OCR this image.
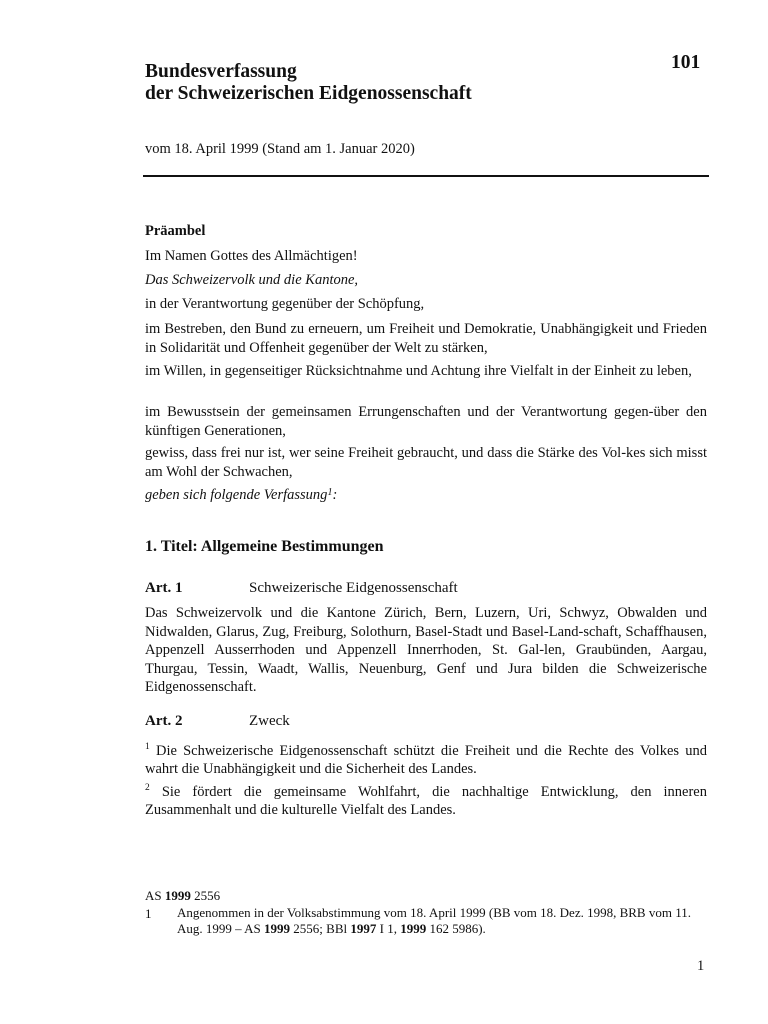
Bundesverfassung
der Schweizerischen Eidgenossenschaft
101
vom 18. April 1999 (Stand am 1. Januar 2020)
Präambel
Im Namen Gottes des Allmächtigen!
Das Schweizervolk und die Kantone,
in der Verantwortung gegenüber der Schöpfung,
im Bestreben, den Bund zu erneuern, um Freiheit und Demokratie, Unabhängigkeit und Frieden in Solidarität und Offenheit gegenüber der Welt zu stärken,
im Willen, in gegenseitiger Rücksichtnahme und Achtung ihre Vielfalt in der Einheit zu leben,
im Bewusstsein der gemeinsamen Errungenschaften und der Verantwortung gegen-über den künftigen Generationen,
gewiss, dass frei nur ist, wer seine Freiheit gebraucht, und dass die Stärke des Vol-kes sich misst am Wohl der Schwachen,
geben sich folgende Verfassung$^1$:
1. Titel: Allgemeine Bestimmungen
Art. 1	Schweizerische Eidgenossenschaft
Das Schweizervolk und die Kantone Zürich, Bern, Luzern, Uri, Schwyz, Obwalden und Nidwalden, Glarus, Zug, Freiburg, Solothurn, Basel-Stadt und Basel-Land-schaft, Schaffhausen, Appenzell Ausserrhoden und Appenzell Innerrhoden, St. Gal-len, Graubünden, Aargau, Thurgau, Tessin, Waadt, Wallis, Neuenburg, Genf und Jura bilden die Schweizerische Eidgenossenschaft.
Art. 2	Zweck
$^1$ Die Schweizerische Eidgenossenschaft schützt die Freiheit und die Rechte des Volkes und wahrt die Unabhängigkeit und die Sicherheit des Landes.
$^2$ Sie fördert die gemeinsame Wohlfahrt, die nachhaltige Entwicklung, den inneren Zusammenhalt und die kulturelle Vielfalt des Landes.
AS 1999 2556
1 Angenommen in der Volksabstimmung vom 18. April 1999 (BB vom 18. Dez. 1998, BRB vom 11. Aug. 1999 – AS 1999 2556; BBl 1997 I 1, 1999 162 5986).
1
